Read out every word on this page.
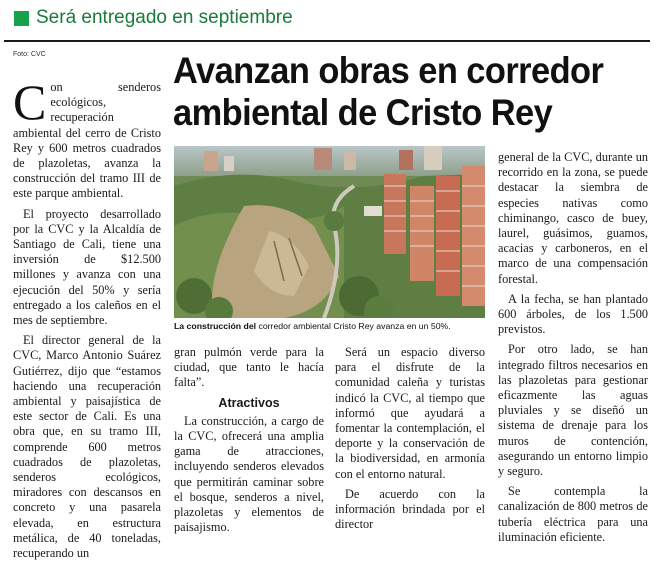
Será entregado en septiembre
Foto: CVC	Avanzan obras en corredor ambiental de Cristo Rey

Con senderos ecológicos, recuperación ambiental del cerro de Cristo Rey y 600 metros cuadrados de plazoletas, avanza la construcción del tramo III de este parque ambiental.

El proyecto desarrollado por la CVC y la Alcaldía de Santiago de Cali, tiene una inversión de $12.500 millones y avanza con una ejecución del 50% y sería entregado a los caleños en el mes de septiembre.

El director general de la CVC, Marco Antonio Suárez Gutiérrez, dijo que “estamos haciendo una recuperación ambiental y paisajística de este sector de Cali. Es una obra que, en su tramo III, comprende 600 metros cuadrados de plazoletas, senderos ecológicos, miradores con descansos en concreto y una pasarela elevada, en estructura metálica, de 40 toneladas, recuperando un

La construcción del corredor ambiental Cristo Rey avanza en un 50%.

gran pulmón verde para la ciudad, que tanto le hacía falta”.

Atractivos

La construcción, a cargo de la CVC, ofrecerá una amplia gama de atracciones, incluyendo senderos elevados que permitirán caminar sobre el bosque, senderos a nivel, plazoletas y elementos de paisajismo.

Será un espacio diverso para el disfrute de la comunidad caleña y turistas indicó la CVC, al tiempo que informó que ayudará a fomentar la contemplación, el deporte y la conservación de la biodiversidad, en armonía con el entorno natural.

De acuerdo con la información brindada por el director

general de la CVC, durante un recorrido en la zona, se puede destacar la siembra de especies nativas como chiminango, casco de buey, laurel, guásimos, guamos, acacias y carboneros, en el marco de una compensación forestal.

A la fecha, se han plantado 600 árboles, de los 1.500 previstos.

Por otro lado, se han integrado filtros necesarios en las plazoletas para gestionar eficazmente las aguas pluviales y se diseñó un sistema de drenaje para los muros de contención, asegurando un entorno limpio y seguro.

Se contempla la canalización de 800 metros de tubería eléctrica para una iluminación eficiente.
